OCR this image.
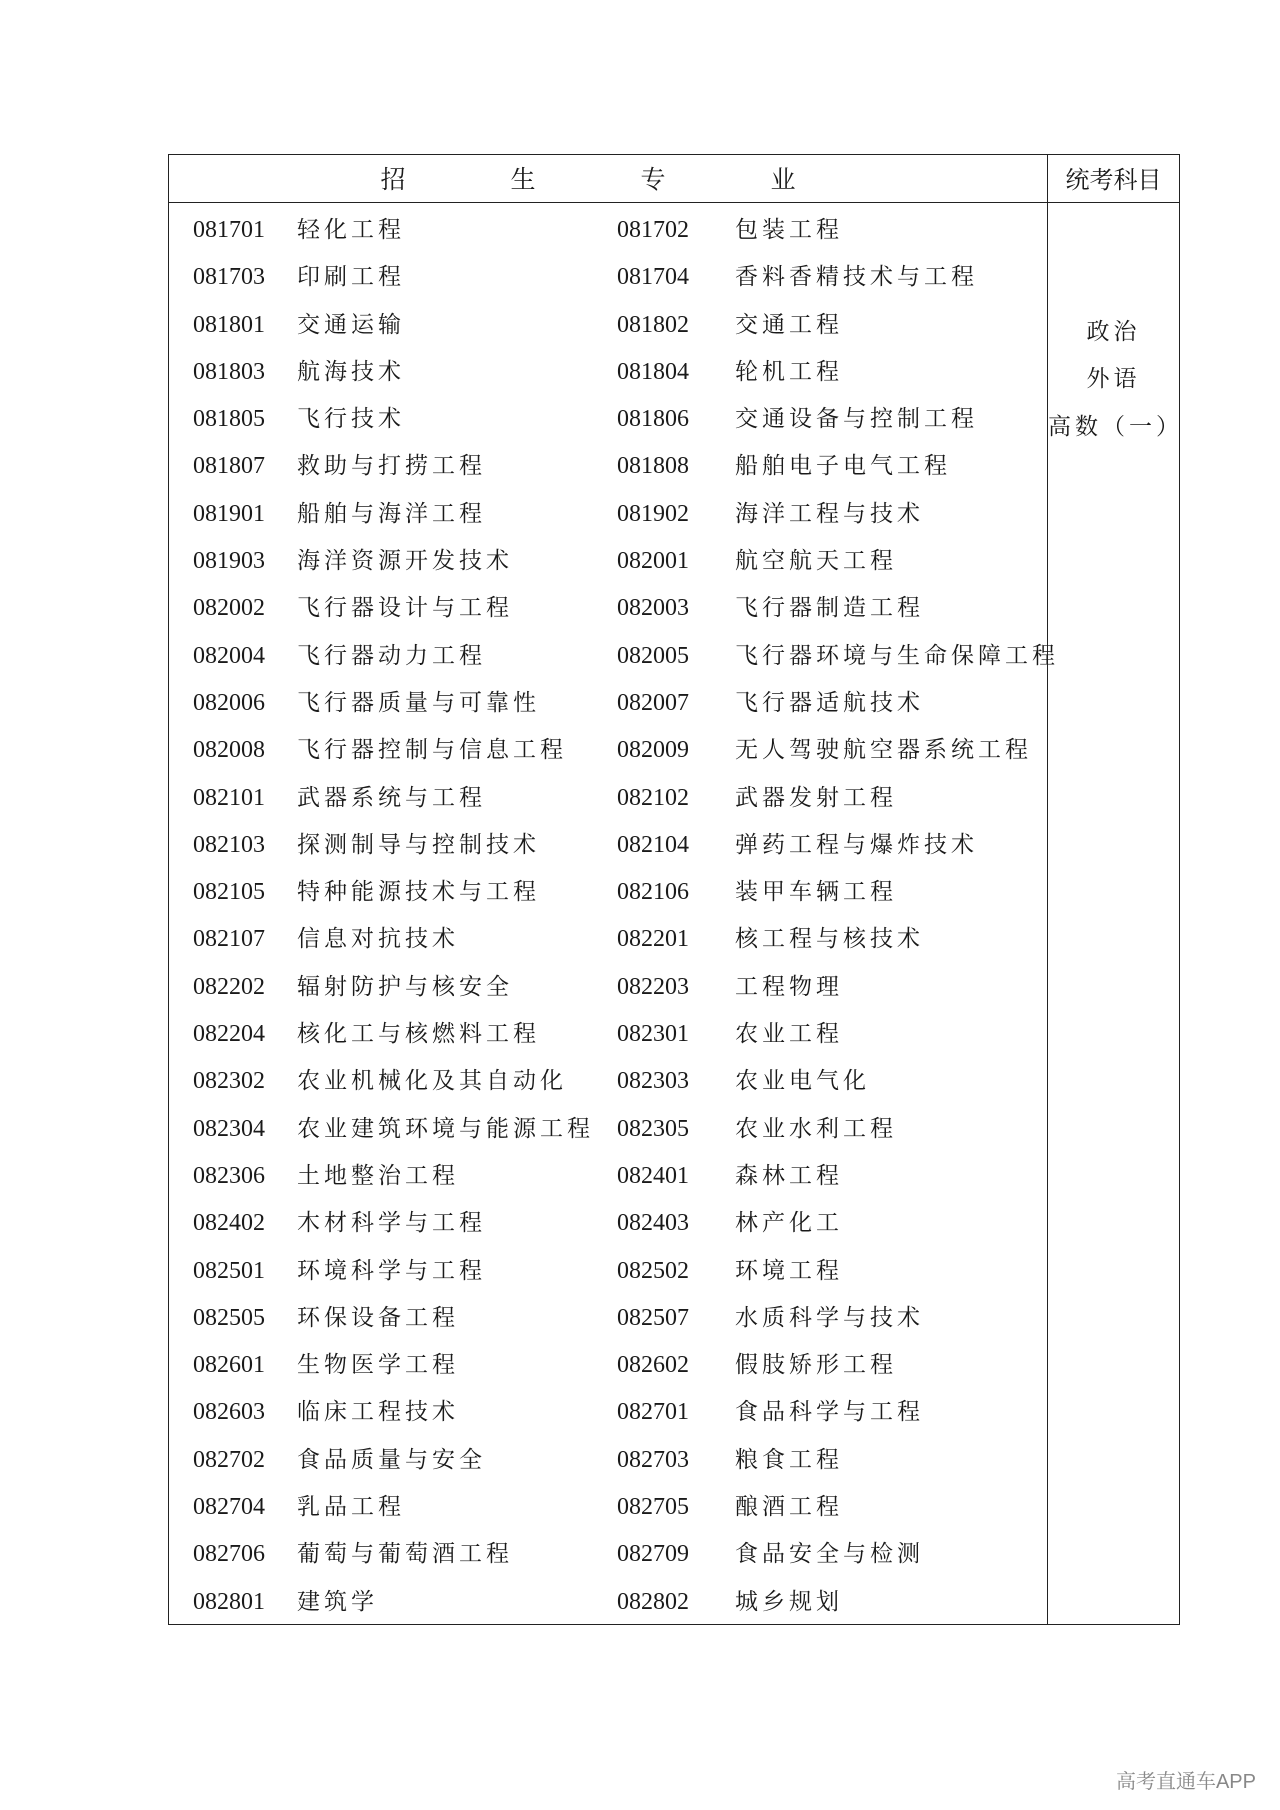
招　生　专　业	统考科目
081701 轻化工程	081702 包装工程
081703 印刷工程	081704 香料香精技术与工程
081801 交通运输	081802 交通工程
081803 航海技术	081804 轮机工程
081805 飞行技术	081806 交通设备与控制工程
081807 救助与打捞工程	081808 船舶电子电气工程
081901 船舶与海洋工程	081902 海洋工程与技术
081903 海洋资源开发技术	082001 航空航天工程
082002 飞行器设计与工程	082003 飞行器制造工程
082004 飞行器动力工程	082005 飞行器环境与生命保障工程
082006 飞行器质量与可靠性	082007 飞行器适航技术
082008 飞行器控制与信息工程 082009 无人驾驶航空器系统工程
082101 武器系统与工程	082102 武器发射工程
082103 探测制导与控制技术	082104 弹药工程与爆炸技术
082105 特种能源技术与工程	082106 装甲车辆工程
082107 信息对抗技术	082201 核工程与核技术
082202 辐射防护与核安全	082203 工程物理
082204 核化工与核燃料工程	082301 农业工程
082302 农业机械化及其自动化 082303 农业电气化
082304 农业建筑环境与能源工程 082305 农业水利工程
082306 土地整治工程	082401 森林工程
082402 木材科学与工程	082403 林产化工
082501 环境科学与工程	082502 环境工程
082505 环保设备工程	082507 水质科学与技术
082601 生物医学工程	082602 假肢矫形工程
082603 临床工程技术	082701 食品科学与工程
082702 食品质量与安全	082703 粮食工程
082704 乳品工程	082705 酿酒工程
082706 葡萄与葡萄酒工程	082709 食品安全与检测
082801 建筑学	082802 城乡规划
政治
外语
高数（一）
高考直通车APP
